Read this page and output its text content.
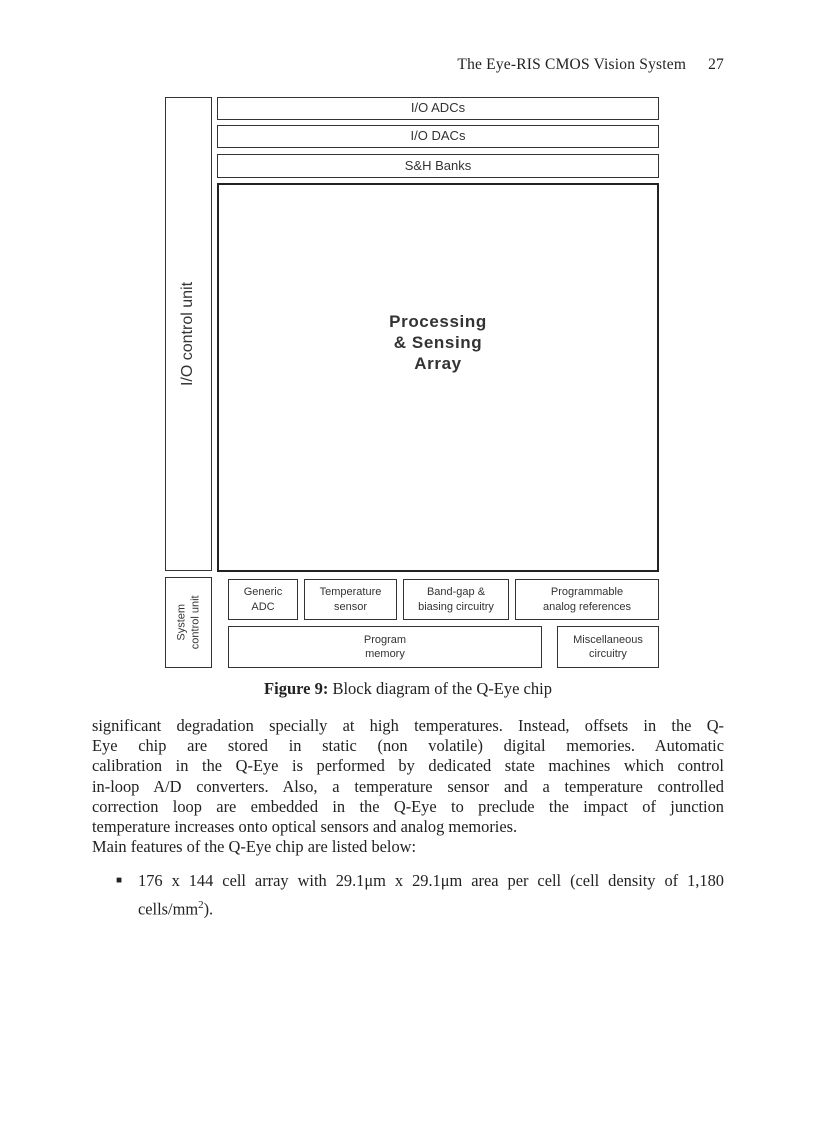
The Eye-RIS CMOS Vision System 27
I/O control unit
I/O ADCs
I/O DACs
S&H Banks
Processing
& Sensing
Array
System control unit
Generic
ADC
Temperature
sensor
Band-gap &
biasing circuitry
Programmable
analog references
Program
memory
Miscellaneous
circuitry
Figure 9: Block diagram of the Q-Eye chip

significant degradation specially at high temperatures. Instead, offsets in the Q-

Eye chip are stored in static (non volatile) digital memories. Automatic

calibration in the Q-Eye is performed by dedicated state machines which control

in-loop A/D converters. Also, a temperature sensor and a temperature controlled

correction loop are embedded in the Q-Eye to preclude the impact of junction

temperature increases onto optical sensors and analog memories.

Main features of the Q-Eye chip are listed below:

■ 176 x 144 cell array with 29.1μm x 29.1μm area per cell (cell density of 1,180 cells/$mm^2$).
